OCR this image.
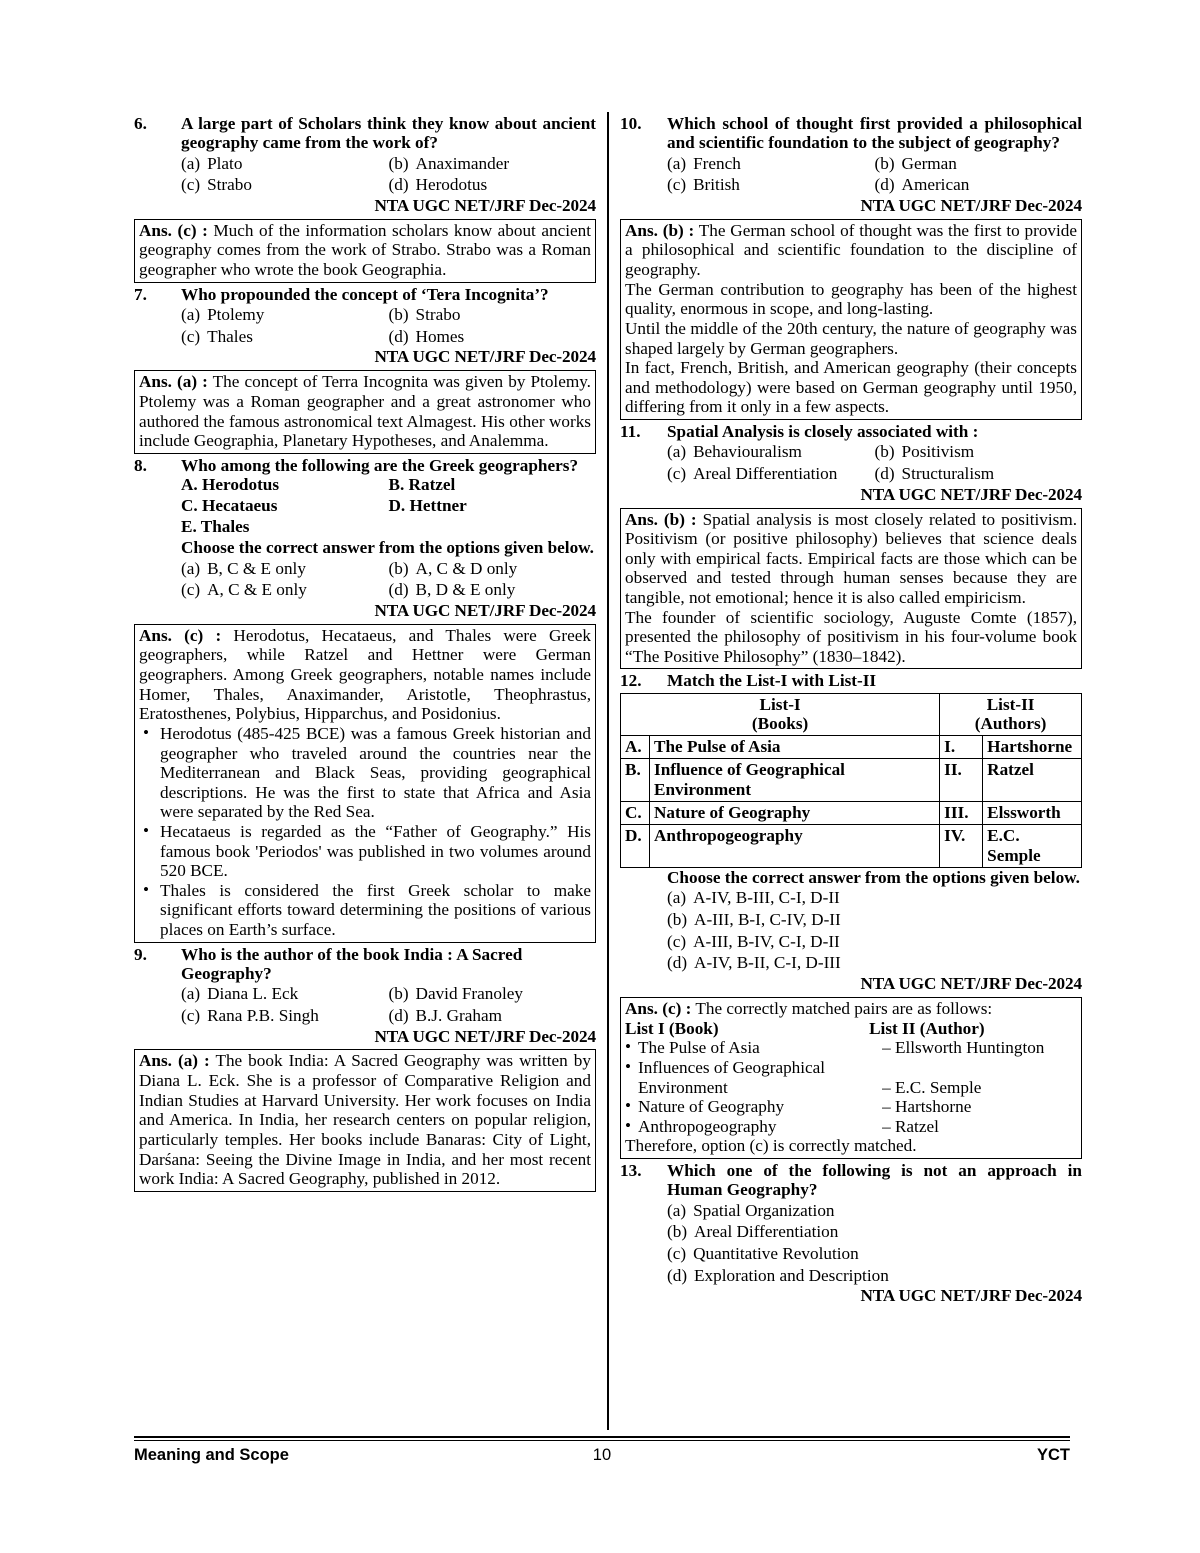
6.	A large part of Scholars think they know about ancient geography came from the work of?
(a) Plato	(b) Anaximander
(c) Strabo	(d) Herodotus
NTA UGC NET/JRF Dec-2024

Ans. (c) : Much of the information scholars know about ancient geography comes from the work of Strabo. Strabo was a Roman geographer who wrote the book Geographia.

7.	Who propounded the concept of ‘Tera Incognita’?
(a) Ptolemy	(b) Strabo
(c) Thales	(d) Homes
NTA UGC NET/JRF Dec-2024

Ans. (a) : The concept of Terra Incognita was given by Ptolemy. Ptolemy was a Roman geographer and a great astronomer who authored the famous astronomical text Almagest. His other works include Geographia, Planetary Hypotheses, and Analemma.

8.	Who among the following are the Greek geographers?
A. Herodotus	B. Ratzel
C. Hecataeus	D. Hettner
E. Thales
Choose the correct answer from the options given below.
(a) B, C & E only	(b) A, C & D only
(c) A, C & E only	(d) B, D & E only
NTA UGC NET/JRF Dec-2024

Ans. (c) : Herodotus, Hecataeus, and Thales were Greek geographers, while Ratzel and Hettner were German geographers. Among Greek geographers, notable names include Homer, Thales, Anaximander, Aristotle, Theophrastus, Eratosthenes, Polybius, Hipparchus, and Posidonius.

• Herodotus (485-425 BCE) was a famous Greek historian and geographer who traveled around the countries near the Mediterranean and Black Seas, providing geographical descriptions. He was the first to state that Africa and Asia were separated by the Red Sea.
• Hecataeus is regarded as the “Father of Geography.” His famous book 'Periodos' was published in two volumes around 520 BCE.
• Thales is considered the first Greek scholar to make significant efforts toward determining the positions of various places on Earth’s surface.
9.	Who is the author of the book India : A Sacred Geography?
(a) Diana L. Eck	(b) David Franoley
(c) Rana P.B. Singh	(d) B.J. Graham
NTA UGC NET/JRF Dec-2024

Ans. (a) : The book India: A Sacred Geography was written by Diana L. Eck. She is a professor of Comparative Religion and Indian Studies at Harvard University. Her work focuses on India and America. In India, her research centers on popular religion, particularly temples. Her books include Banaras: City of Light, Darśana: Seeing the Divine Image in India, and her most recent work India: A Sacred Geography, published in 2012.

10.	Which school of thought first provided a philosophical and scientific foundation to the subject of geography?
(a) French	(b) German
(c) British	(d) American
NTA UGC NET/JRF Dec-2024

Ans. (b) : The German school of thought was the first to provide a philosophical and scientific foundation to the discipline of geography.

The German contribution to geography has been of the highest quality, enormous in scope, and long-lasting.

Until the middle of the 20th century, the nature of geography was shaped largely by German geographers.

In fact, French, British, and American geography (their concepts and methodology) were based on German geography until 1950, differing from it only in a few aspects.

11.	Spatial Analysis is closely associated with :
(a) Behaviouralism	(b) Positivism
(c) Areal Differentiation	(d) Structuralism
NTA UGC NET/JRF Dec-2024

Ans. (b) : Spatial analysis is most closely related to positivism. Positivism (or positive philosophy) believes that science deals only with empirical facts. Empirical facts are those which can be observed and tested through human senses because they are tangible, not emotional; hence it is also called empiricism.

The founder of scientific sociology, Auguste Comte (1857), presented the philosophy of positivism in his four-volume book “The Positive Philosophy” (1830–1842).

12.	Match the List-I with List-II
List-I
(Books)

List-II
(Authors)

A.	The Pulse of Asia	I.	Hartshorne
B.	Influence of Geographical Environment	II.	Ratzel
C.	Nature of Geography	III.	Elssworth
D.	Anthropogeography	IV.	E.C. Semple
Choose the correct answer from the options given below.
(a) A-IV, B-III, C-I, D-II
(b) A-III, B-I, C-IV, D-II
(c) A-III, B-IV, C-I, D-II
(d) A-IV, B-II, C-I, D-III
NTA UGC NET/JRF Dec-2024

Ans. (c) : The correctly matched pairs are as follows:

List I (Book)	List II (Author)
• The Pulse of Asia	– Ellsworth Huntington
• Influences of Geographical
Environment	– E.C. Semple
• Nature of Geography	– Hartshorne
• Anthropogeography	– Ratzel

Therefore, option (c) is correctly matched.

13.	Which one of the following is not an approach in Human Geography?
(a) Spatial Organization
(b) Areal Differentiation
(c) Quantitative Revolution
(d) Exploration and Description
NTA UGC NET/JRF Dec-2024
Meaning and Scope	10	YCT
